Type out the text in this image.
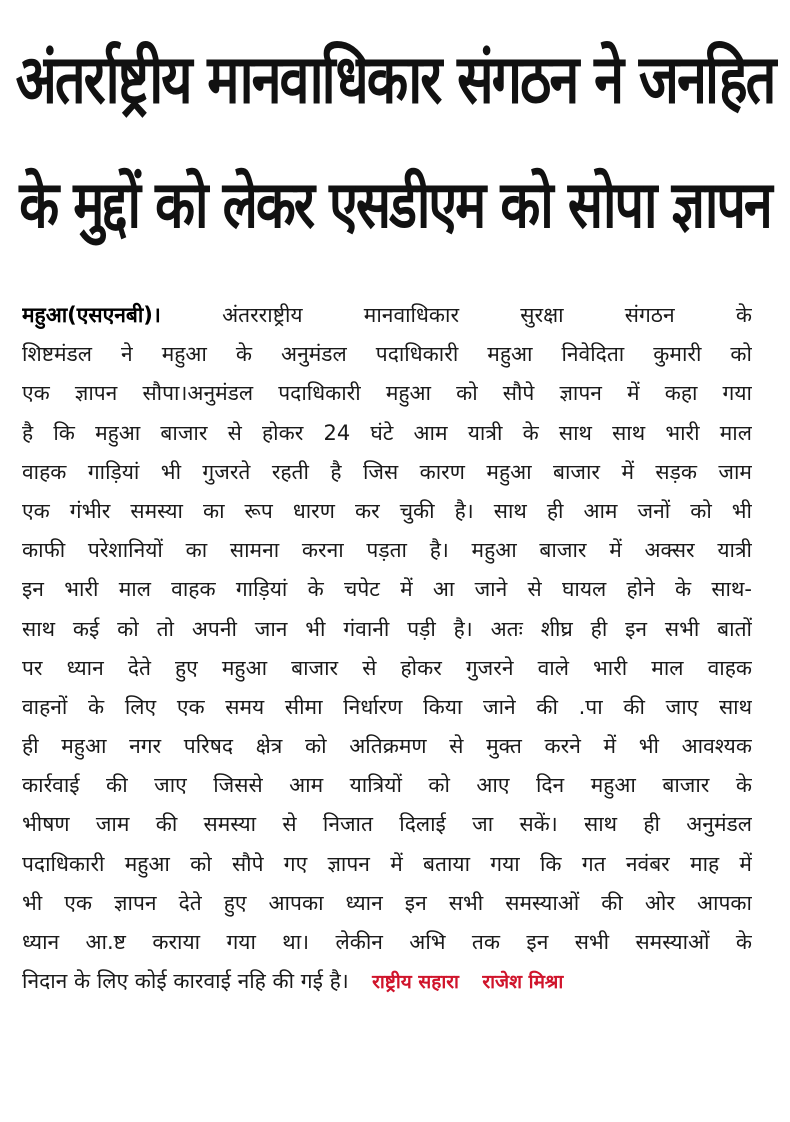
अंतर्राष्ट्रीय मानवाधिकार संगठन ने जनहित
के मुद्दों को लेकर एसडीएम को सोपा ज्ञापन
महुआ(एसएनबी)।	अंतरराष्ट्रीय मानवाधिकार सुरक्षा संगठन के
शिष्टमंडल ने महुआ के अनुमंडल पदाधिकारी महुआ निवेदिता कुमारी को
एक ज्ञापन सौपा।अनुमंडल पदाधिकारी महुआ को सौपे ज्ञापन में कहा गया
है कि महुआ बाजार से होकर 24 घंटे आम यात्री के साथ साथ भारी माल
वाहक गाड़ियां भी गुजरते रहती है जिस कारण महुआ बाजार में सड़क जाम
एक गंभीर समस्या का रूप धारण कर चुकी है। साथ ही आम जनों को भी
काफी परेशानियों का सामना करना पड़ता है। महुआ बाजार में अक्सर यात्री
इन भारी माल वाहक गाड़ियां के चपेट में आ जाने से घायल होने के साथ-
साथ कई को तो अपनी जान भी गंवानी पड़ी है। अतः शीघ्र ही इन सभी बातों
पर ध्यान देते हुए महुआ बाजार से होकर गुजरने वाले भारी माल वाहक
वाहनों के लिए एक समय सीमा निर्धारण किया जाने की .पा की जाए साथ
ही महुआ नगर परिषद क्षेत्र को अतिक्रमण से मुक्त करने में भी आवश्यक
कार्रवाई की जाए जिससे आम यात्रियों को आए दिन महुआ बाजार के
भीषण जाम की समस्या से निजात दिलाई जा सकें। साथ ही अनुमंडल
पदाधिकारी महुआ को सौपे गए ज्ञापन में बताया गया कि गत नवंबर माह में
भी एक ज्ञापन देते हुए आपका ध्यान इन सभी समस्याओं की ओर आपका
ध्यान आ.ष्ट कराया गया था। लेकीन अभि तक इन सभी समस्याओं के
निदान के लिए कोई कारवाई नहि की गई है। राष्ट्रीय सहारा राजेश मिश्रा
